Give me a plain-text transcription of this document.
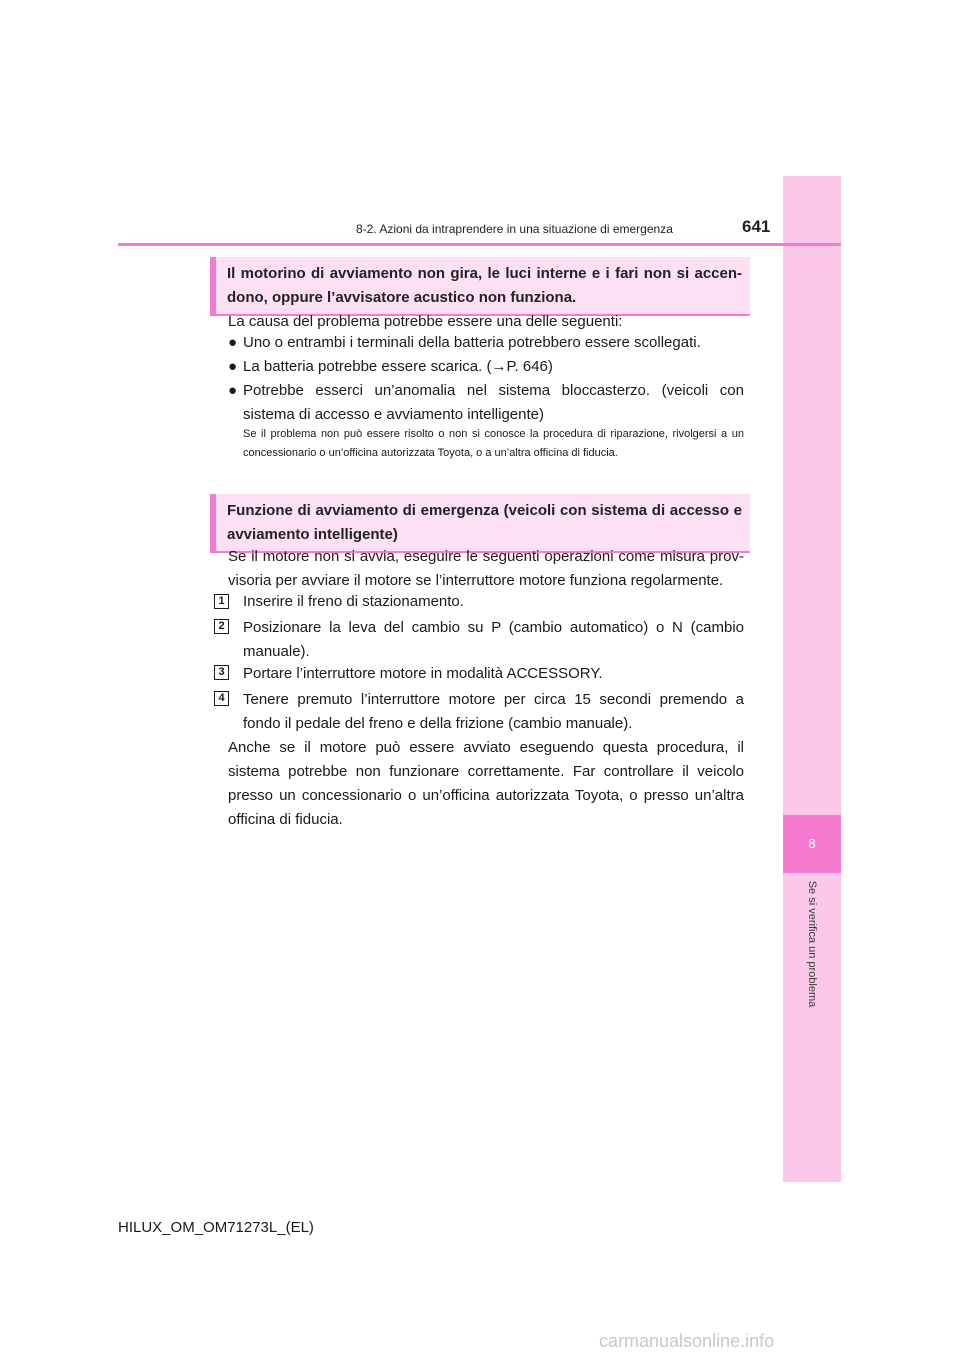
8
Se si verifica un problema
8-2. Azioni da intraprendere in una situazione di emergenza	641
Il motorino di avviamento non gira, le luci interne e i fari non si accen-dono, oppure l’avvisatore acustico non funziona.
La causa del problema potrebbe essere una delle seguenti:
● Uno o entrambi i terminali della batteria potrebbero essere scollegati.
● La batteria potrebbe essere scarica. (→P. 646)
● Potrebbe esserci un’anomalia nel sistema bloccasterzo. (veicoli con sistema di accesso e avviamento intelligente)
Se il problema non può essere risolto o non si conosce la procedura di riparazione, rivolgersi a un concessionario o un’officina autorizzata Toyota, o a un’altra officina di fiducia.
Funzione di avviamento di emergenza (veicoli con sistema di accesso e avviamento intelligente)
Se il motore non si avvia, eseguire le seguenti operazioni come misura prov-visoria per avviare il motore se l’interruttore motore funziona regolarmente.
1 Inserire il freno di stazionamento.
2 Posizionare la leva del cambio su P (cambio automatico) o N (cambio manuale).
3 Portare l’interruttore motore in modalità ACCESSORY.
4 Tenere premuto l’interruttore motore per circa 15 secondi premendo a fondo il pedale del freno e della frizione (cambio manuale).
Anche se il motore può essere avviato eseguendo questa procedura, il sistema potrebbe non funzionare correttamente. Far controllare il veicolo presso un concessionario o un’officina autorizzata Toyota, o presso un’altra officina di fiducia.
HILUX_OM_OM71273L_(EL)
carmanualsonline.info
